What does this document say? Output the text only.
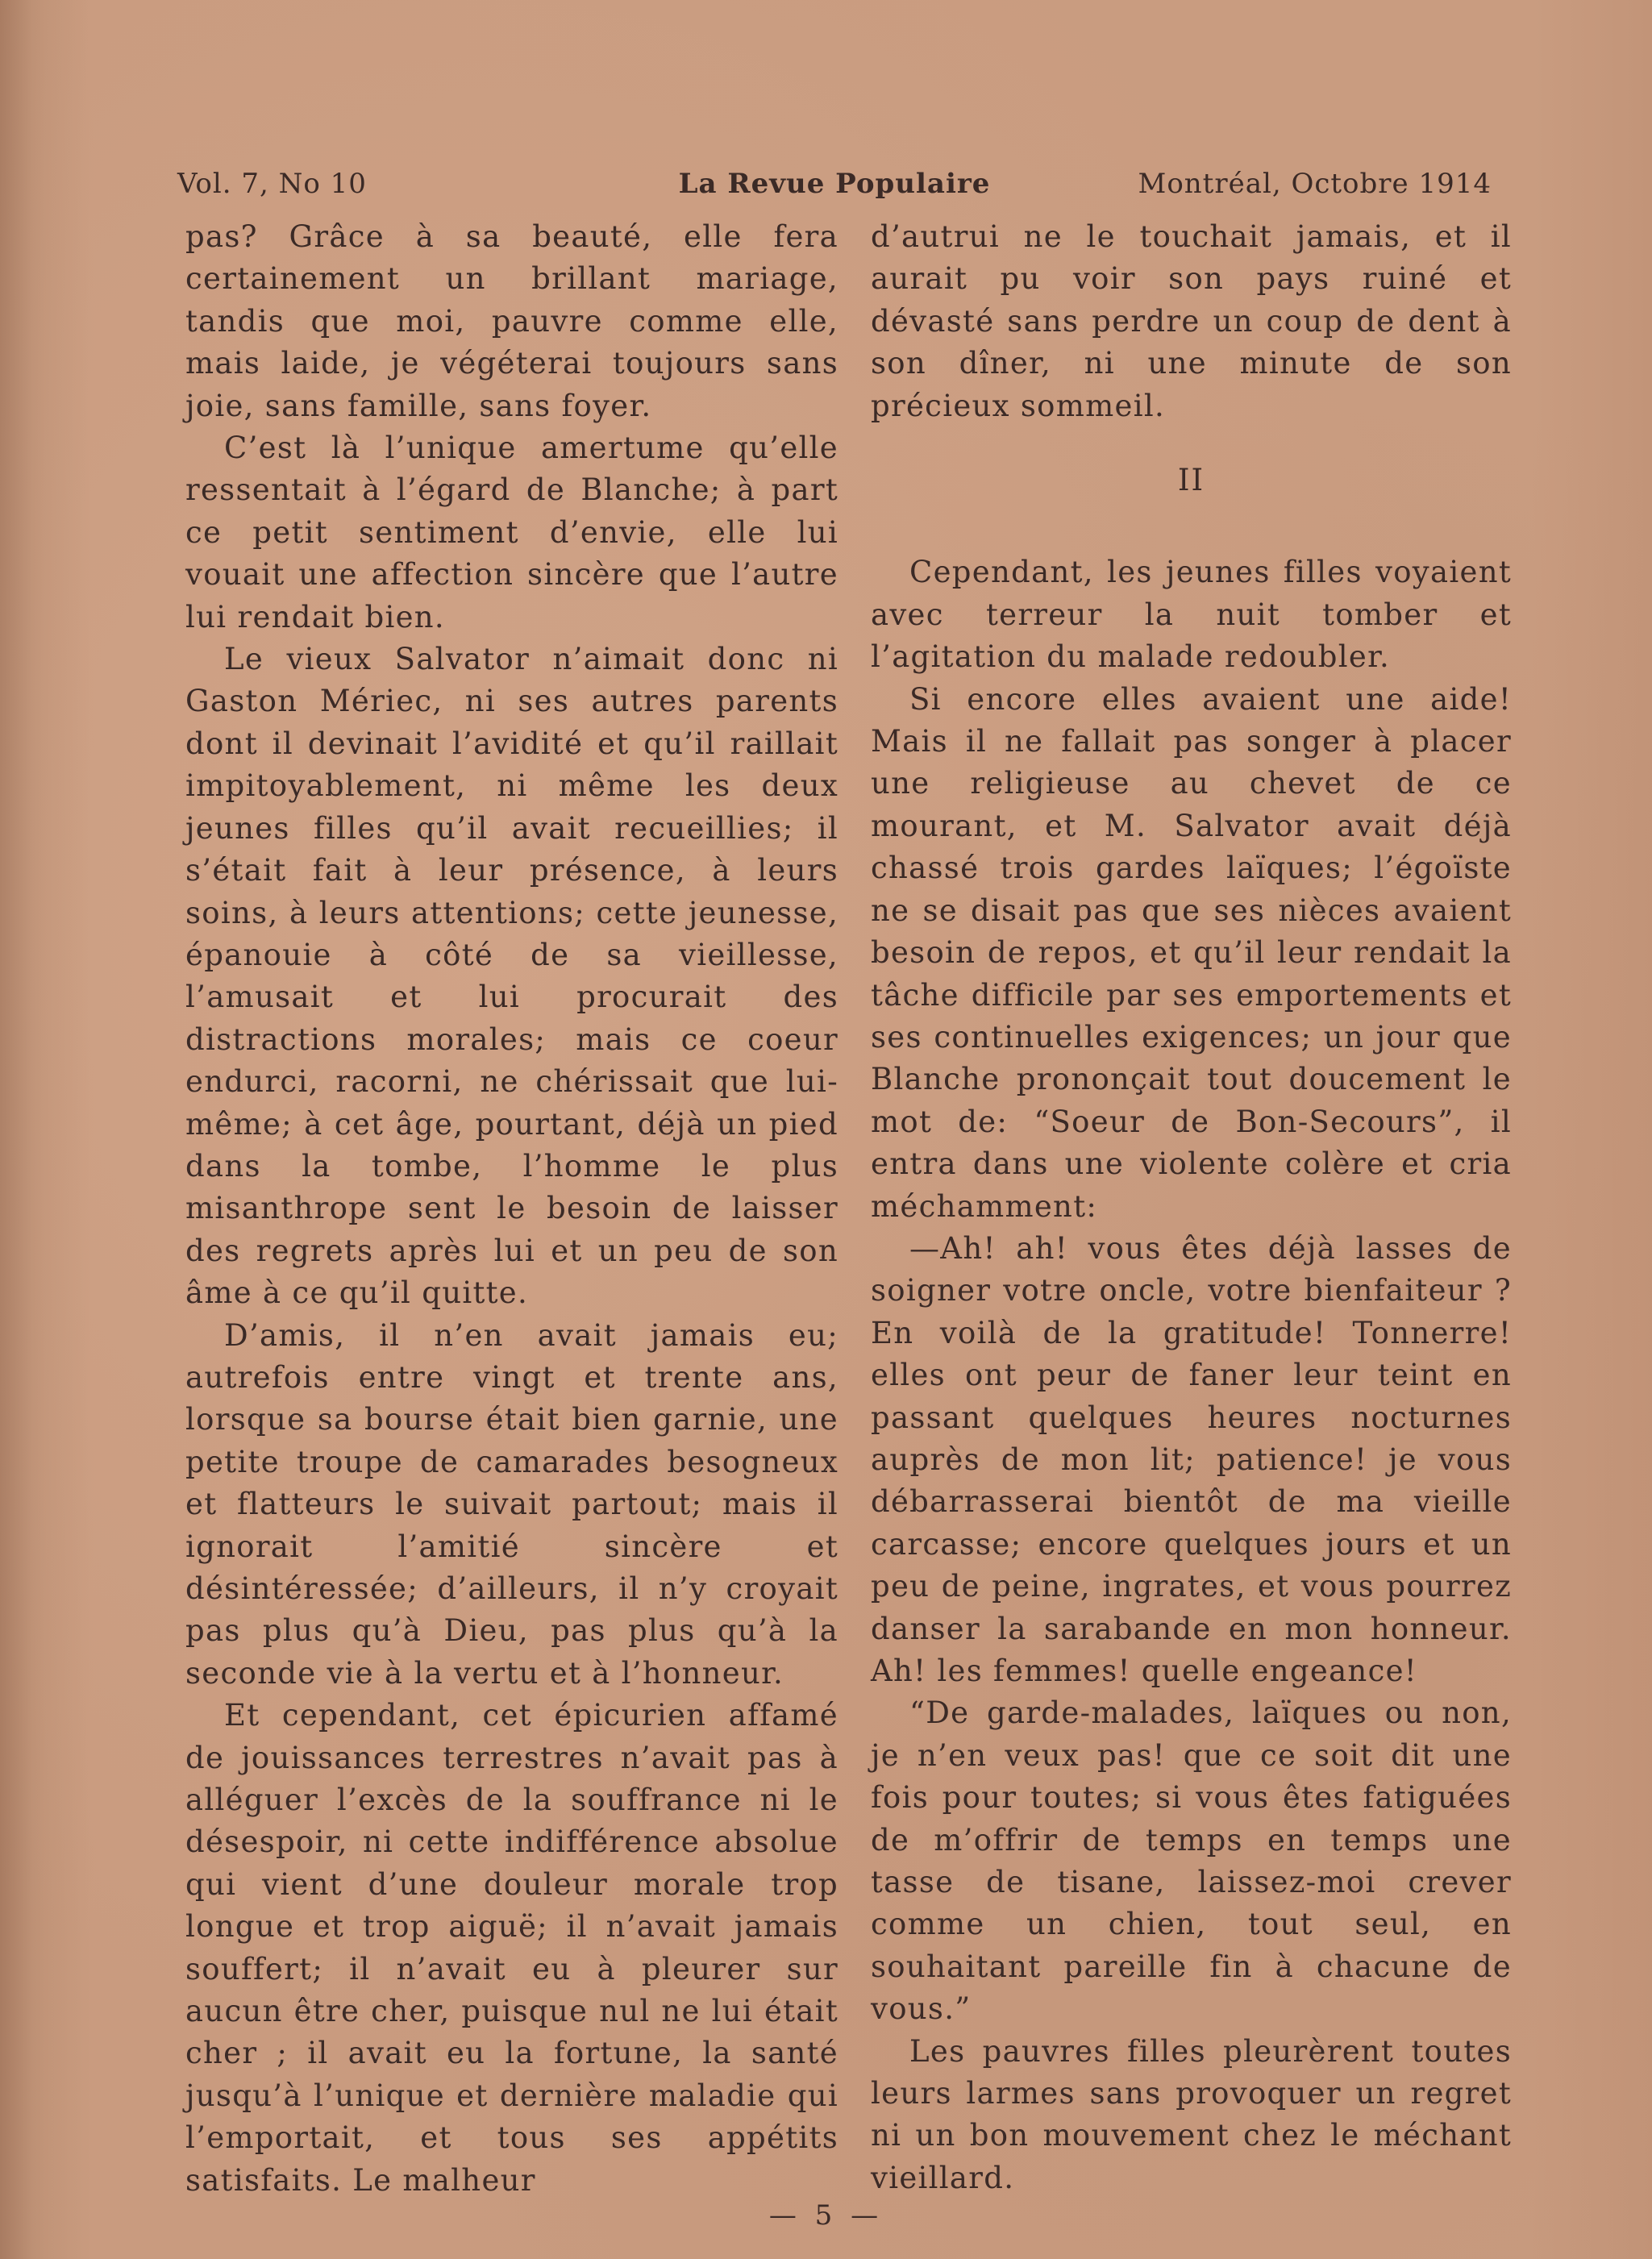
Vol. 7, No 10	La Revue Populaire	Montréal, Octobre 1914

pas? Grâce à sa beauté, elle fera certainement un brillant mariage, tandis que moi, pauvre comme elle, mais laide, je végéterai toujours sans joie, sans famille, sans foyer.

C’est là l’unique amertume qu’elle ressentait à l’égard de Blanche; à part ce petit sentiment d’envie, elle lui vouait une affection sincère que l’autre lui rendait bien.

Le vieux Salvator n’aimait donc ni Gaston Mériec, ni ses autres parents dont il devinait l’avidité et qu’il raillait impitoyablement, ni même les deux jeunes filles qu’il avait recueillies; il s’était fait à leur présence, à leurs soins, à leurs attentions; cette jeunesse, épanouie à côté de sa vieillesse, l’amusait et lui procurait des distractions morales; mais ce coeur endurci, racorni, ne chérissait que lui-même; à cet âge, pourtant, déjà un pied dans la tombe, l’homme le plus misanthrope sent le besoin de laisser des regrets après lui et un peu de son âme à ce qu’il quitte.

D’amis, il n’en avait jamais eu; autrefois entre vingt et trente ans, lorsque sa bourse était bien garnie, une petite troupe de camarades besogneux et flatteurs le suivait partout; mais il ignorait l’amitié sincère et désintéressée; d’ailleurs, il n’y croyait pas plus qu’à Dieu, pas plus qu’à la seconde vie à la vertu et à l’honneur.

Et cependant, cet épicurien affamé de jouissances terrestres n’avait pas à alléguer l’excès de la souffrance ni le désespoir, ni cette indifférence absolue qui vient d’une douleur morale trop longue et trop aiguë; il n’avait jamais souffert; il n’avait eu à pleurer sur aucun être cher, puisque nul ne lui était cher ; il avait eu la fortune, la santé jusqu’à l’unique et dernière maladie qui l’emportait, et tous ses appétits satisfaits. Le malheur

d’autrui ne le touchait jamais, et il aurait pu voir son pays ruiné et dévasté sans perdre un coup de dent à son dîner, ni une minute de son précieux sommeil.

II

Cependant, les jeunes filles voyaient avec terreur la nuit tomber et l’agitation du malade redoubler.

Si encore elles avaient une aide! Mais il ne fallait pas songer à placer une religieuse au chevet de ce mourant, et M. Salvator avait déjà chassé trois gardes laïques; l’égoïste ne se disait pas que ses nièces avaient besoin de repos, et qu’il leur rendait la tâche difficile par ses emportements et ses continuelles exigences; un jour que Blanche prononçait tout doucement le mot de: “Soeur de Bon-Secours”, il entra dans une violente colère et cria méchamment:

—Ah! ah! vous êtes déjà lasses de soigner votre oncle, votre bienfaiteur ? En voilà de la gratitude! Tonnerre! elles ont peur de faner leur teint en passant quelques heures nocturnes auprès de mon lit; patience! je vous débarrasserai bientôt de ma vieille carcasse; encore quelques jours et un peu de peine, ingrates, et vous pourrez danser la sarabande en mon honneur. Ah! les femmes! quelle engeance!

“De garde-malades, laïques ou non, je n’en veux pas! que ce soit dit une fois pour toutes; si vous êtes fatiguées de m’offrir de temps en temps une tasse de tisane, laissez-moi crever comme un chien, tout seul, en souhaitant pareille fin à chacune de vous.”

Les pauvres filles pleurèrent toutes leurs larmes sans provoquer un regret ni un bon mouvement chez le méchant vieillard.

— 5 —
